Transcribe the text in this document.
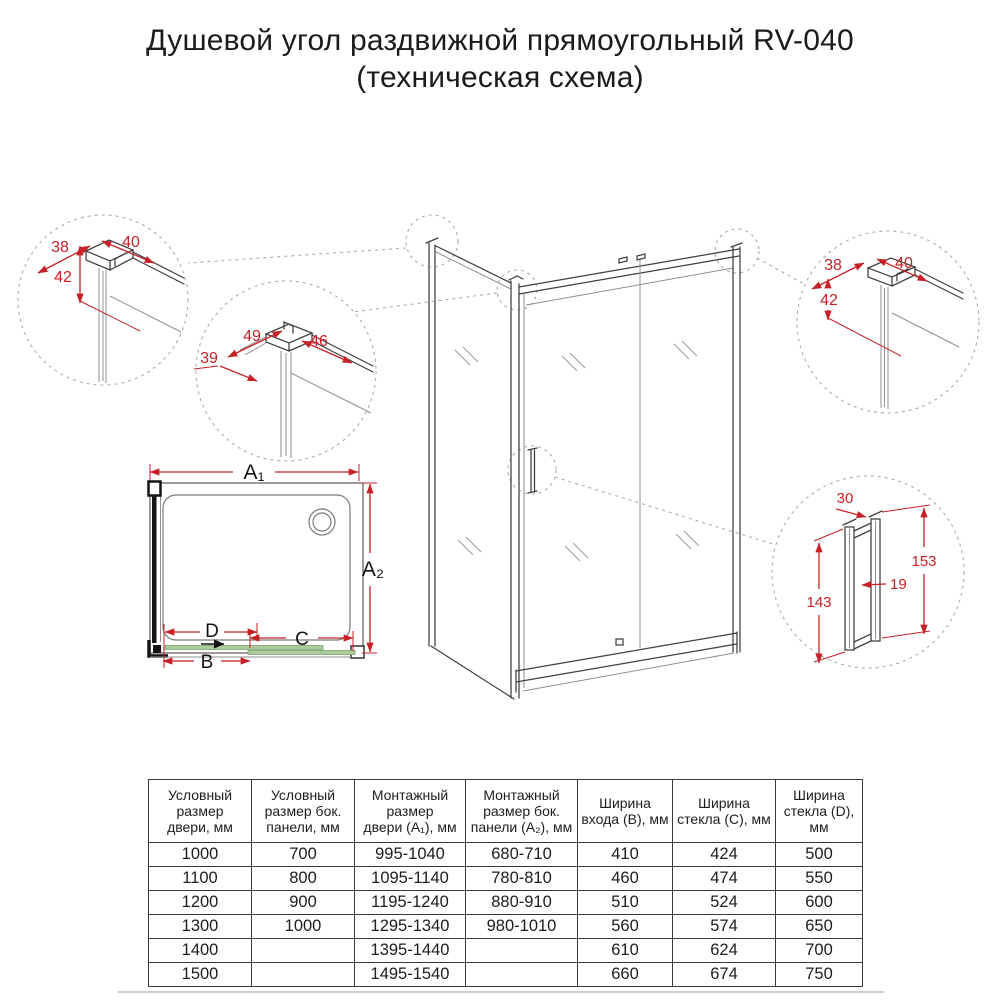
Душевой угол раздвижной прямоугольный RV-040
(техническая схема)
38	40
42
49	46
39
38	40
42
30
153
143
19
A₁
D	C
B
A₂
Условный
размер
двери, мм

Условный
размер бок.
панели, мм

Монтажный
размер
двери (A₁), мм

Монтажный
размер бок.
панели (A₂), мм

Ширина
входа (B), мм

Ширина
стекла (C), мм

Ширина
стекла (D), мм

1000	700	995-1040	680-710	410	424	500
1100	800	1095-1140	780-810	460	474	550
1200	900	1195-1240	880-910	510	524	600
1300	1000	1295-1340	980-1010	560	574	650
1400		1395-1440		610	624	700
1500		1495-1540		660	674	750
